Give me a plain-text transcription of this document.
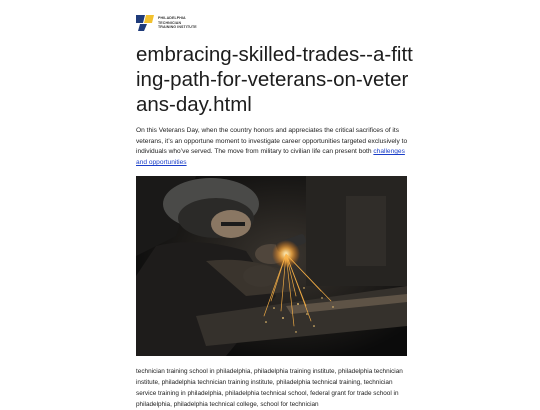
PHILADELPHIA
TECHNICIAN
TRAINING INSTITUTE
embracing-skilled-trades--a-fitting-path-for-veterans-on-veterans-day.html

On this Veterans Day, when the country honors and appreciates the critical sacrifices of its veterans, it’s an opportune moment to investigate career opportunities targeted exclusively to individuals who’ve served. The move from military to civilian life can present both challenges and opportunities

technician training school in philadelphia, philadelphia training institute, philadelphia technician institute, philadelphia technician training institute, philadelphia technical training, technician service training in philadelphia, philadelphia technical school, federal grant for trade school in philadelphia, philadelphia technical college, school for technician
